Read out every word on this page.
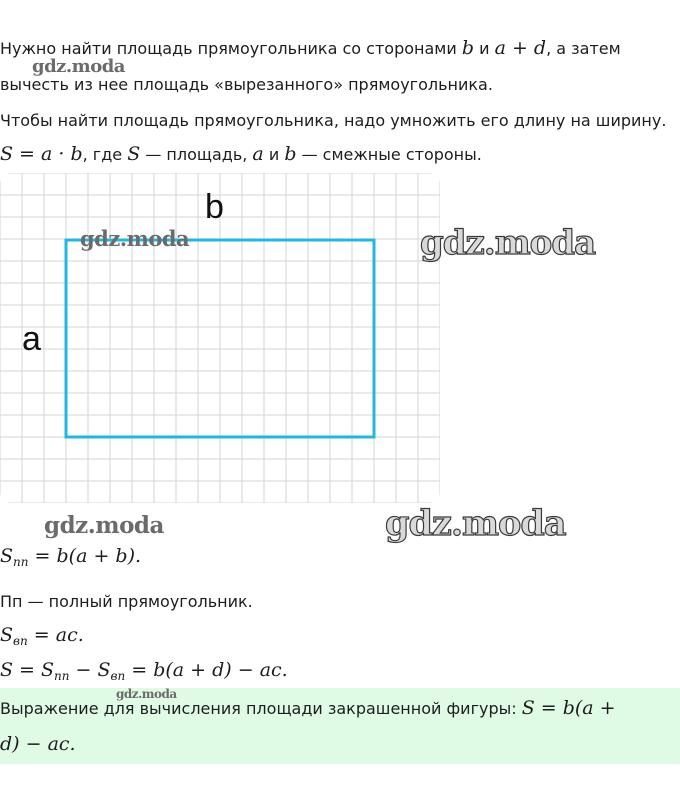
Нужно найти площадь прямоугольника со сторонами b и a + d, а затем
вычесть из нее площадь «вырезанного» прямоугольника.
Чтобы найти площадь прямоугольника, надо умножить его длину на ширину.
S = a · b, где S — площадь, a и b — смежные стороны.
b
a
$S_{пп} = b(a + b)$.
Пп — полный прямоугольник.
$S_{вп}$ = ac.
$S = S_{пп} - S_{вп} = b(a + d)$ − ac.
Выражение для вычисления площади закрашенной фигуры: S = b(a +
d) − ac.
gdz.moda
gdz.moda	gdz.moda
gdz.moda	gdz.moda
gdz.moda
